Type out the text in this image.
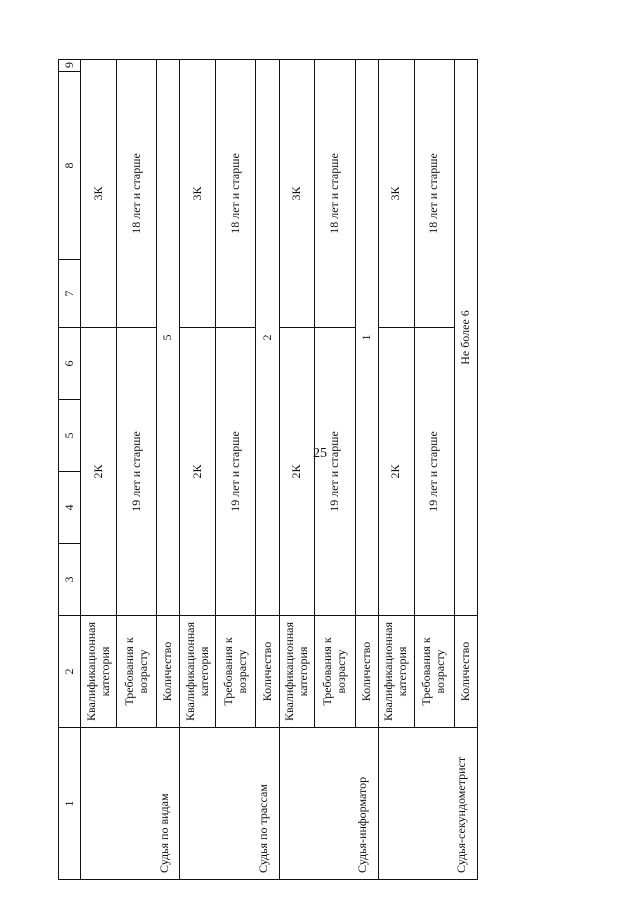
25
1	2	3	4	5	6	7	8	9
Судья по видам	Квалификационная категория	2К				3К		
	Требования к возрасту	19 лет и старше				18 лет и старше		
	Количество	5						
Судья по трассам	Квалификационная категория	2К				3К		
	Требования к возрасту	19 лет и старше				18 лет и старше		
	Количество	2						
Судья-информатор	Квалификационная категория	2К				3К		
	Требования к возрасту	19 лет и старше				18 лет и старше		
	Количество	1						
Судья-секундометрист	Квалификационная категория	2К				3К		
	Требования к возрасту	19 лет и старше				18 лет и старше		
	Количество	Не более 6						
